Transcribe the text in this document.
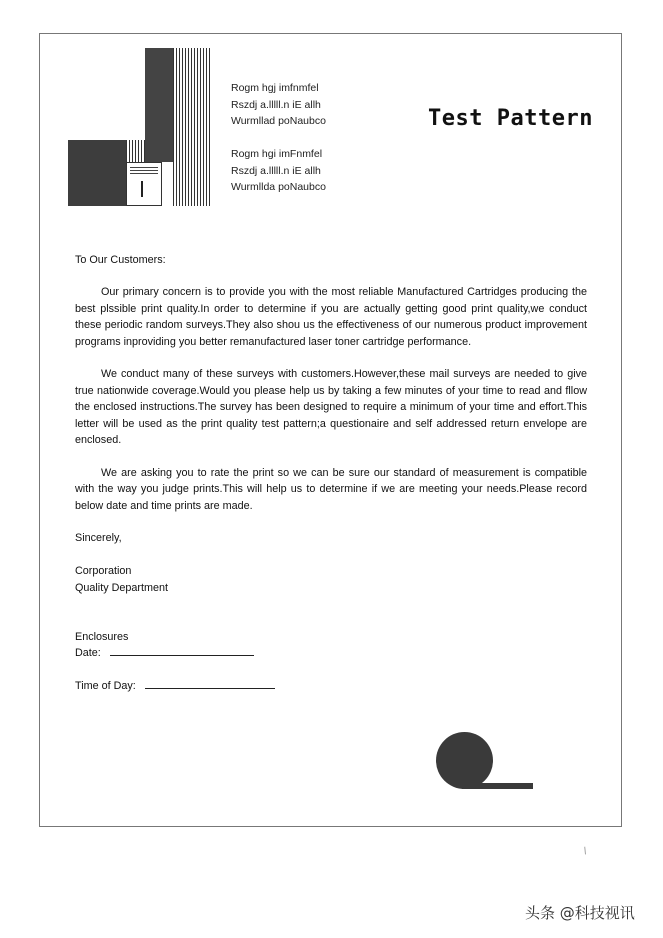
Rogm hgj imfnmfel
Rszdj a.lllll.n iE allh
Wurmllad poNaubco
Rogm hgi imFnmfel
Rszdj a.lllll.n iE allh
Wurmllda poNaubco
Test Pattern

To Our Customers:

Our primary concern is to provide you with the most reliable Manufactured Cartridges producing the best plssible print quality.In order to determine if you are actually getting good print quality,we conduct these periodic random surveys.They also shou us the effectiveness of our numerous product improvement programs inproviding you better remanufactured laser toner cartridge performance.

We conduct many of these surveys with customers.However,these mail surveys are needed to give true nationwide coverage.Would you please help us by taking a few minutes of your time to read and fllow the enclosed instructions.The survey has been designed to require a minimum of your time and effort.This letter will be used as the print quality test pattern;a questionaire and self addressed return envelope are enclosed.

We are asking you to rate the print so we can be sure our standard of measurement is compatible with the way you judge prints.This will help us to determine if we are meeting your needs.Please record below date and time prints are made.

Sincerely,

Corporation

Quality Department

Enclosures

Date:

Time of Day:

/
头条 @科技视讯
